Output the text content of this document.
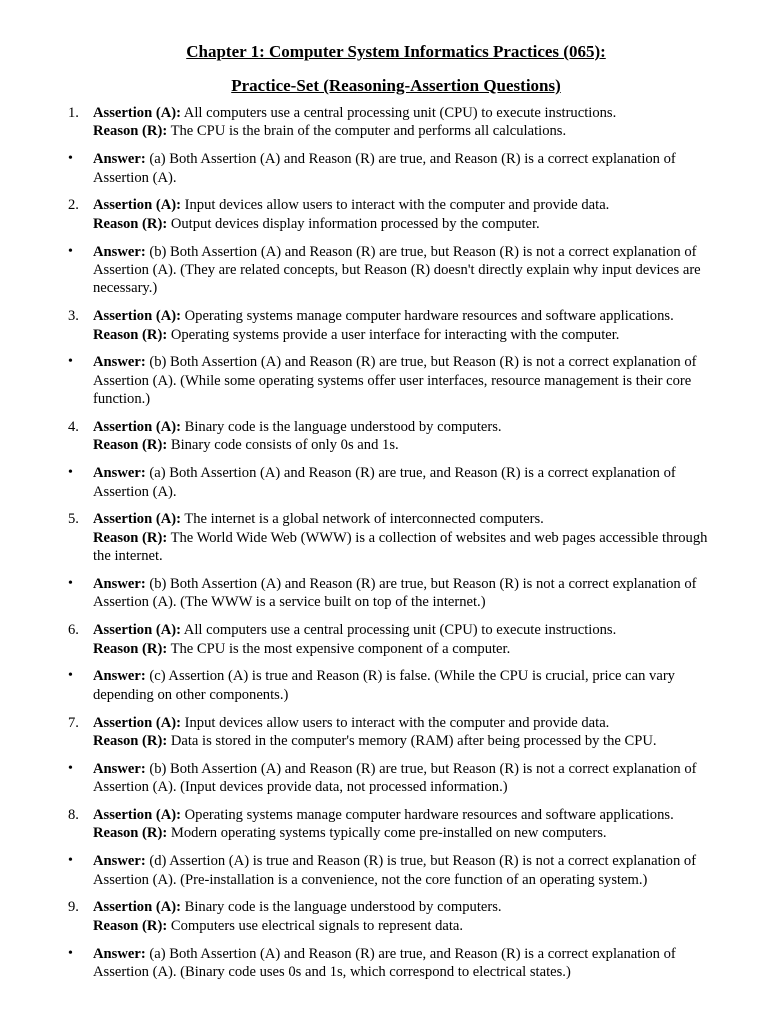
Chapter 1: Computer System Informatics Practices (065):
Practice-Set (Reasoning-Assertion Questions)
1. Assertion (A): All computers use a central processing unit (CPU) to execute instructions.
Reason (R): The CPU is the brain of the computer and performs all calculations.
•	Answer: (a) Both Assertion (A) and Reason (R) are true, and Reason (R) is a correct explanation of Assertion (A).
2. Assertion (A): Input devices allow users to interact with the computer and provide data.
Reason (R): Output devices display information processed by the computer.
•	Answer: (b) Both Assertion (A) and Reason (R) are true, but Reason (R) is not a correct explanation of Assertion (A). (They are related concepts, but Reason (R) doesn't directly explain why input devices are necessary.)
3. Assertion (A): Operating systems manage computer hardware resources and software applications.
Reason (R): Operating systems provide a user interface for interacting with the computer.
•	Answer: (b) Both Assertion (A) and Reason (R) are true, but Reason (R) is not a correct explanation of Assertion (A). (While some operating systems offer user interfaces, resource management is their core function.)
4. Assertion (A): Binary code is the language understood by computers.
Reason (R): Binary code consists of only 0s and 1s.
•	Answer: (a) Both Assertion (A) and Reason (R) are true, and Reason (R) is a correct explanation of Assertion (A).
5. Assertion (A): The internet is a global network of interconnected computers.
Reason (R): The World Wide Web (WWW) is a collection of websites and web pages accessible through the internet.
•	Answer: (b) Both Assertion (A) and Reason (R) are true, but Reason (R) is not a correct explanation of Assertion (A). (The WWW is a service built on top of the internet.)
6. Assertion (A): All computers use a central processing unit (CPU) to execute instructions.
Reason (R): The CPU is the most expensive component of a computer.
•	Answer: (c) Assertion (A) is true and Reason (R) is false. (While the CPU is crucial, price can vary depending on other components.)
7. Assertion (A): Input devices allow users to interact with the computer and provide data.
Reason (R): Data is stored in the computer's memory (RAM) after being processed by the CPU.
•	Answer: (b) Both Assertion (A) and Reason (R) are true, but Reason (R) is not a correct explanation of Assertion (A). (Input devices provide data, not processed information.)
8. Assertion (A): Operating systems manage computer hardware resources and software applications.
Reason (R): Modern operating systems typically come pre-installed on new computers.
•	Answer: (d) Assertion (A) is true and Reason (R) is true, but Reason (R) is not a correct explanation of Assertion (A). (Pre-installation is a convenience, not the core function of an operating system.)
9. Assertion (A): Binary code is the language understood by computers.
Reason (R): Computers use electrical signals to represent data.
•	Answer: (a) Both Assertion (A) and Reason (R) are true, and Reason (R) is a correct explanation of Assertion (A). (Binary code uses 0s and 1s, which correspond to electrical states.)
